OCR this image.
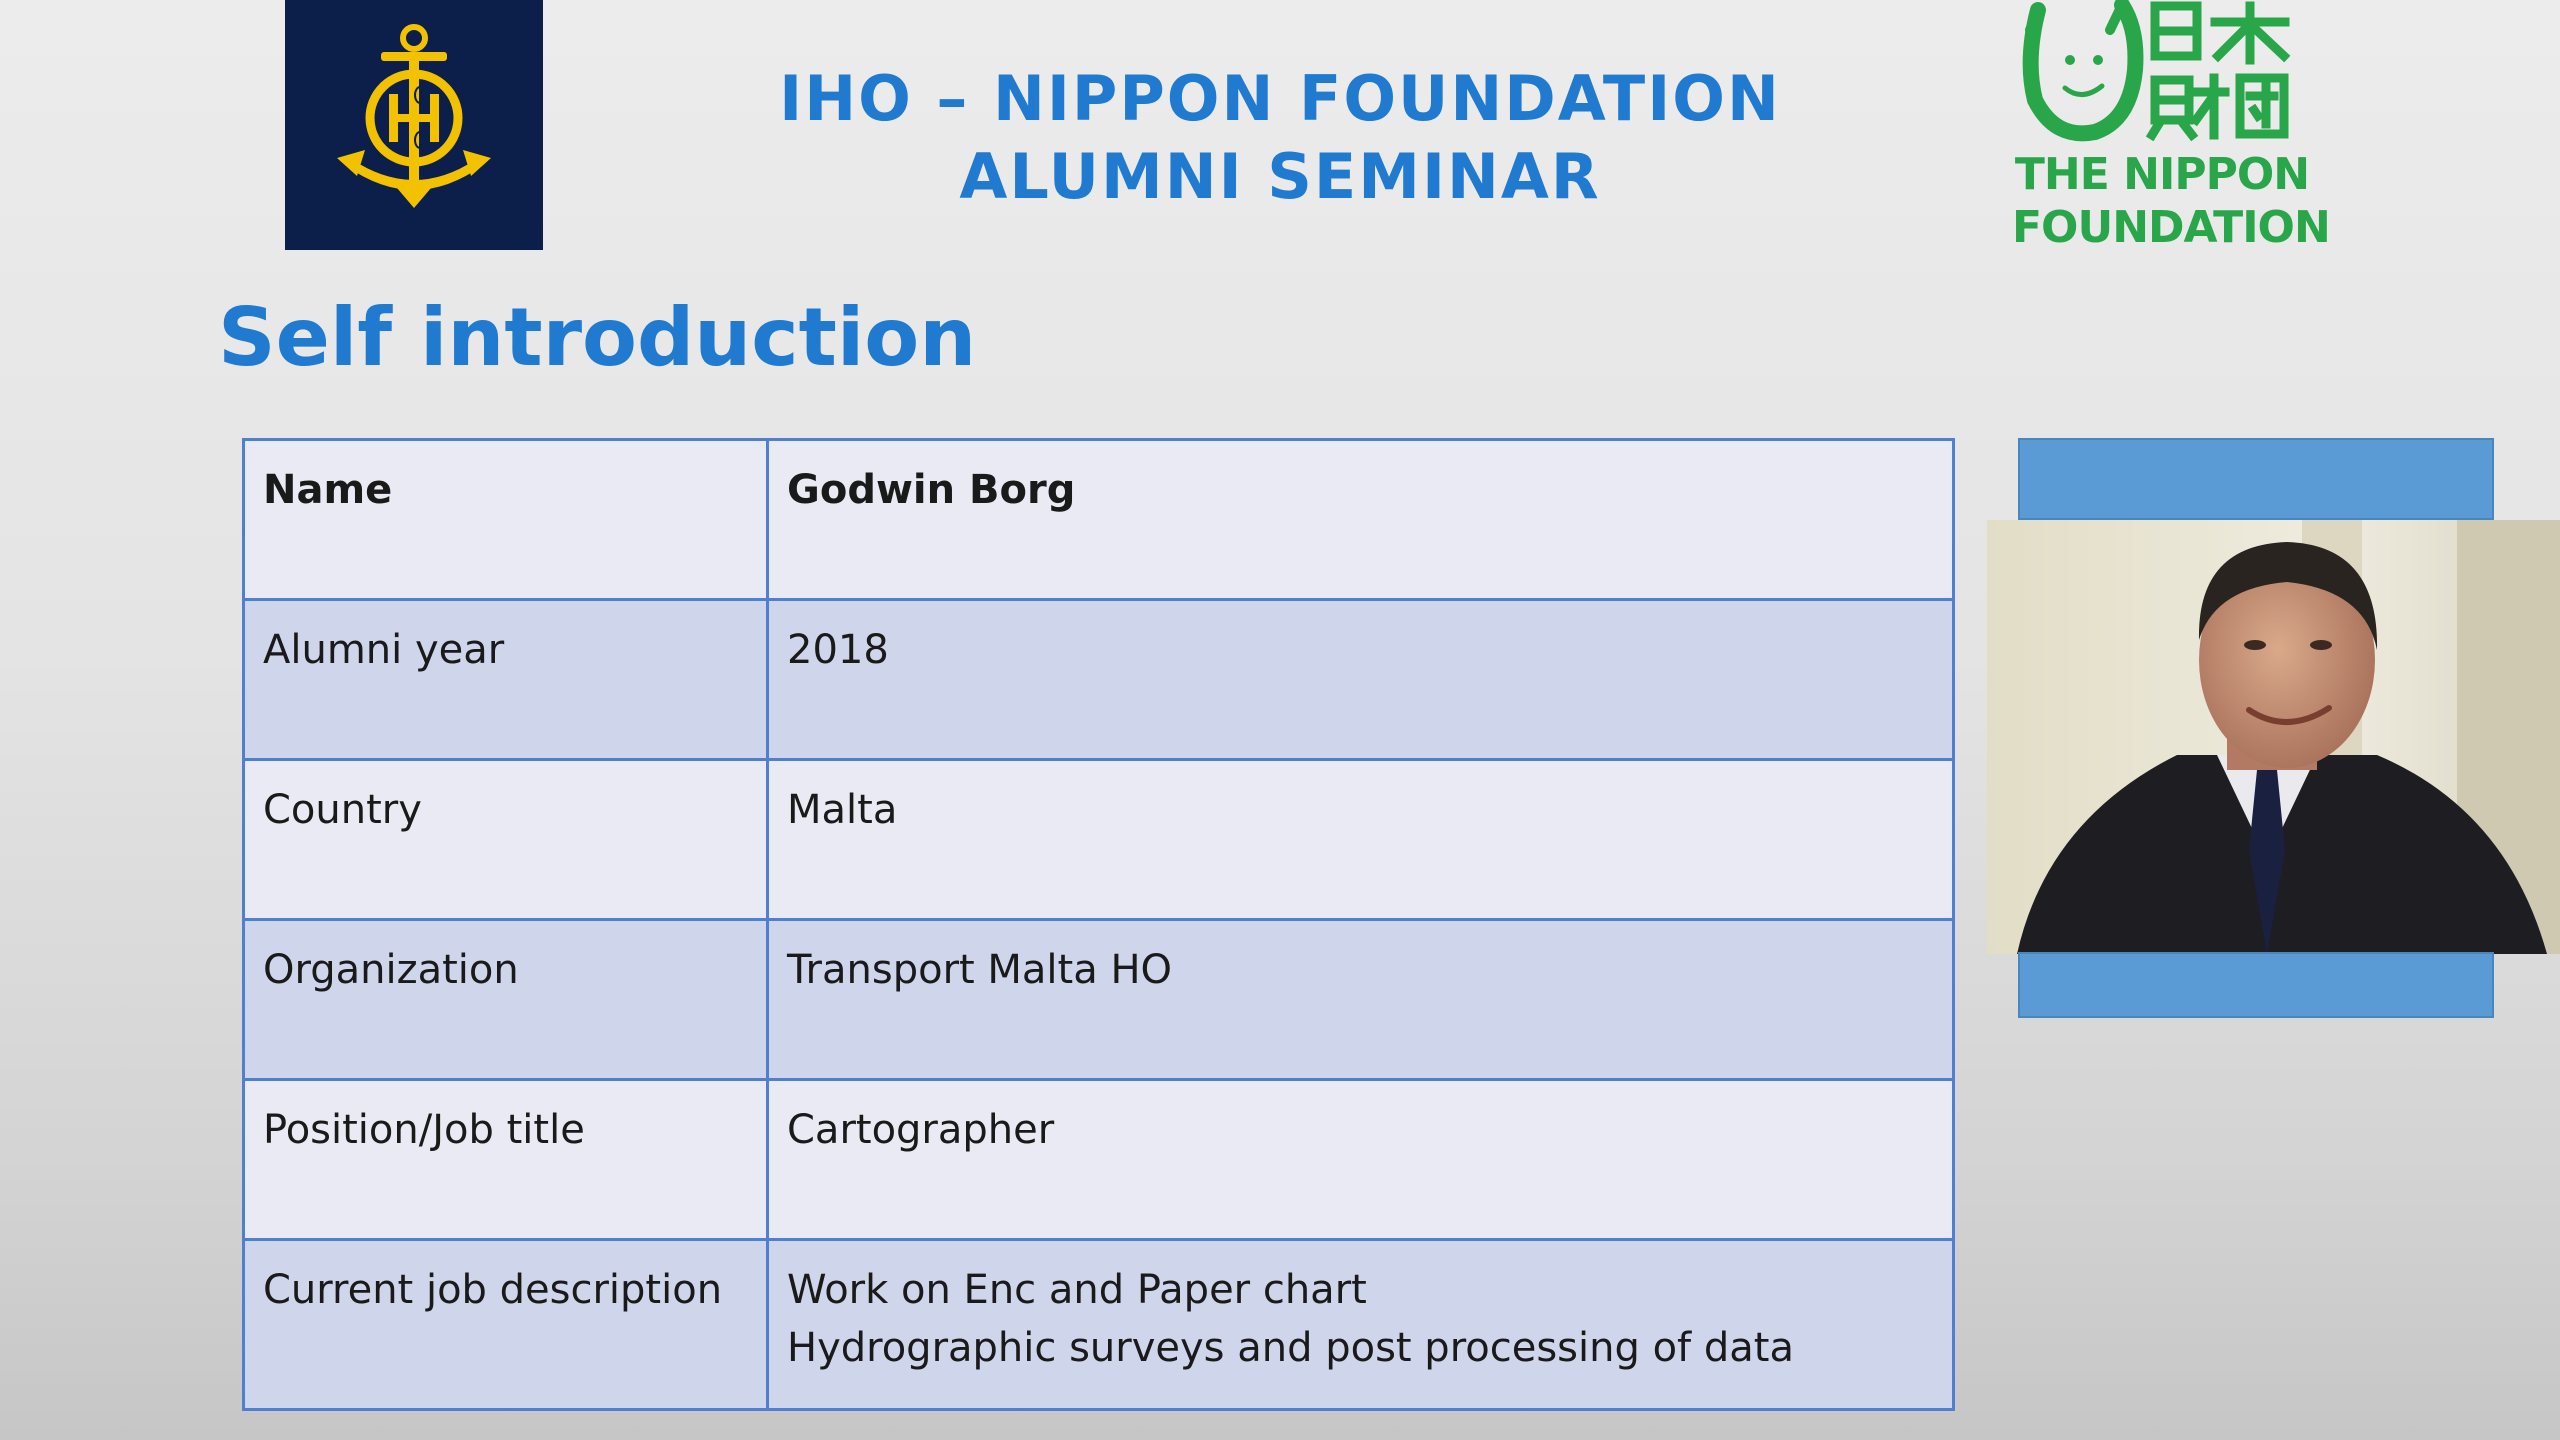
IHO – NIPPON FOUNDATION
ALUMNI SEMINAR	THE NIPPON
FOUNDATION
Self introduction
Name	Godwin Borg
Alumni year	2018
Country	Malta
Organization	Transport Malta HO
Position/Job title	Cartographer
Current job description	Work on Enc and Paper chart
Hydrographic surveys and post processing of data
